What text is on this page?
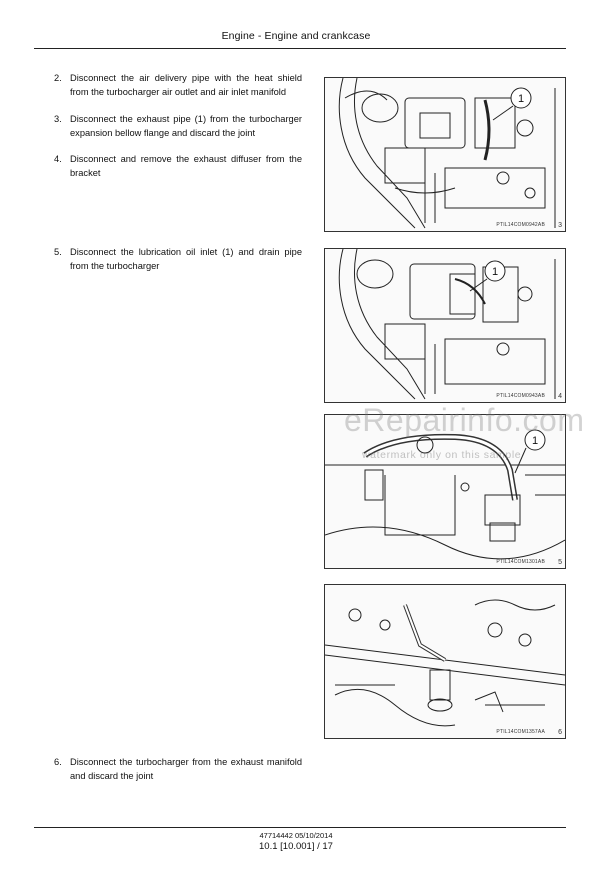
Engine - Engine and crankcase
2. Disconnect the air delivery pipe with the heat shield from the turbocharger air outlet and air inlet manifold
3. Disconnect the exhaust pipe (1) from the turbocharger expansion bellow flange and discard the joint
4. Disconnect and remove the exhaust diffuser from the bracket
5. Disconnect the lubrication oil inlet (1) and drain pipe from the turbocharger
6. Disconnect the turbocharger from the exhaust manifold and discard the joint
1
PTIL14COM0942AB 3
1
PTIL14COM0943AB 4
1
PTIL14COM1301AB 5
PTIL14COM1357AA 6
eRepairinfo.com
watermark only on this sample
47714442 05/10/2014
10.1 [10.001] / 17
